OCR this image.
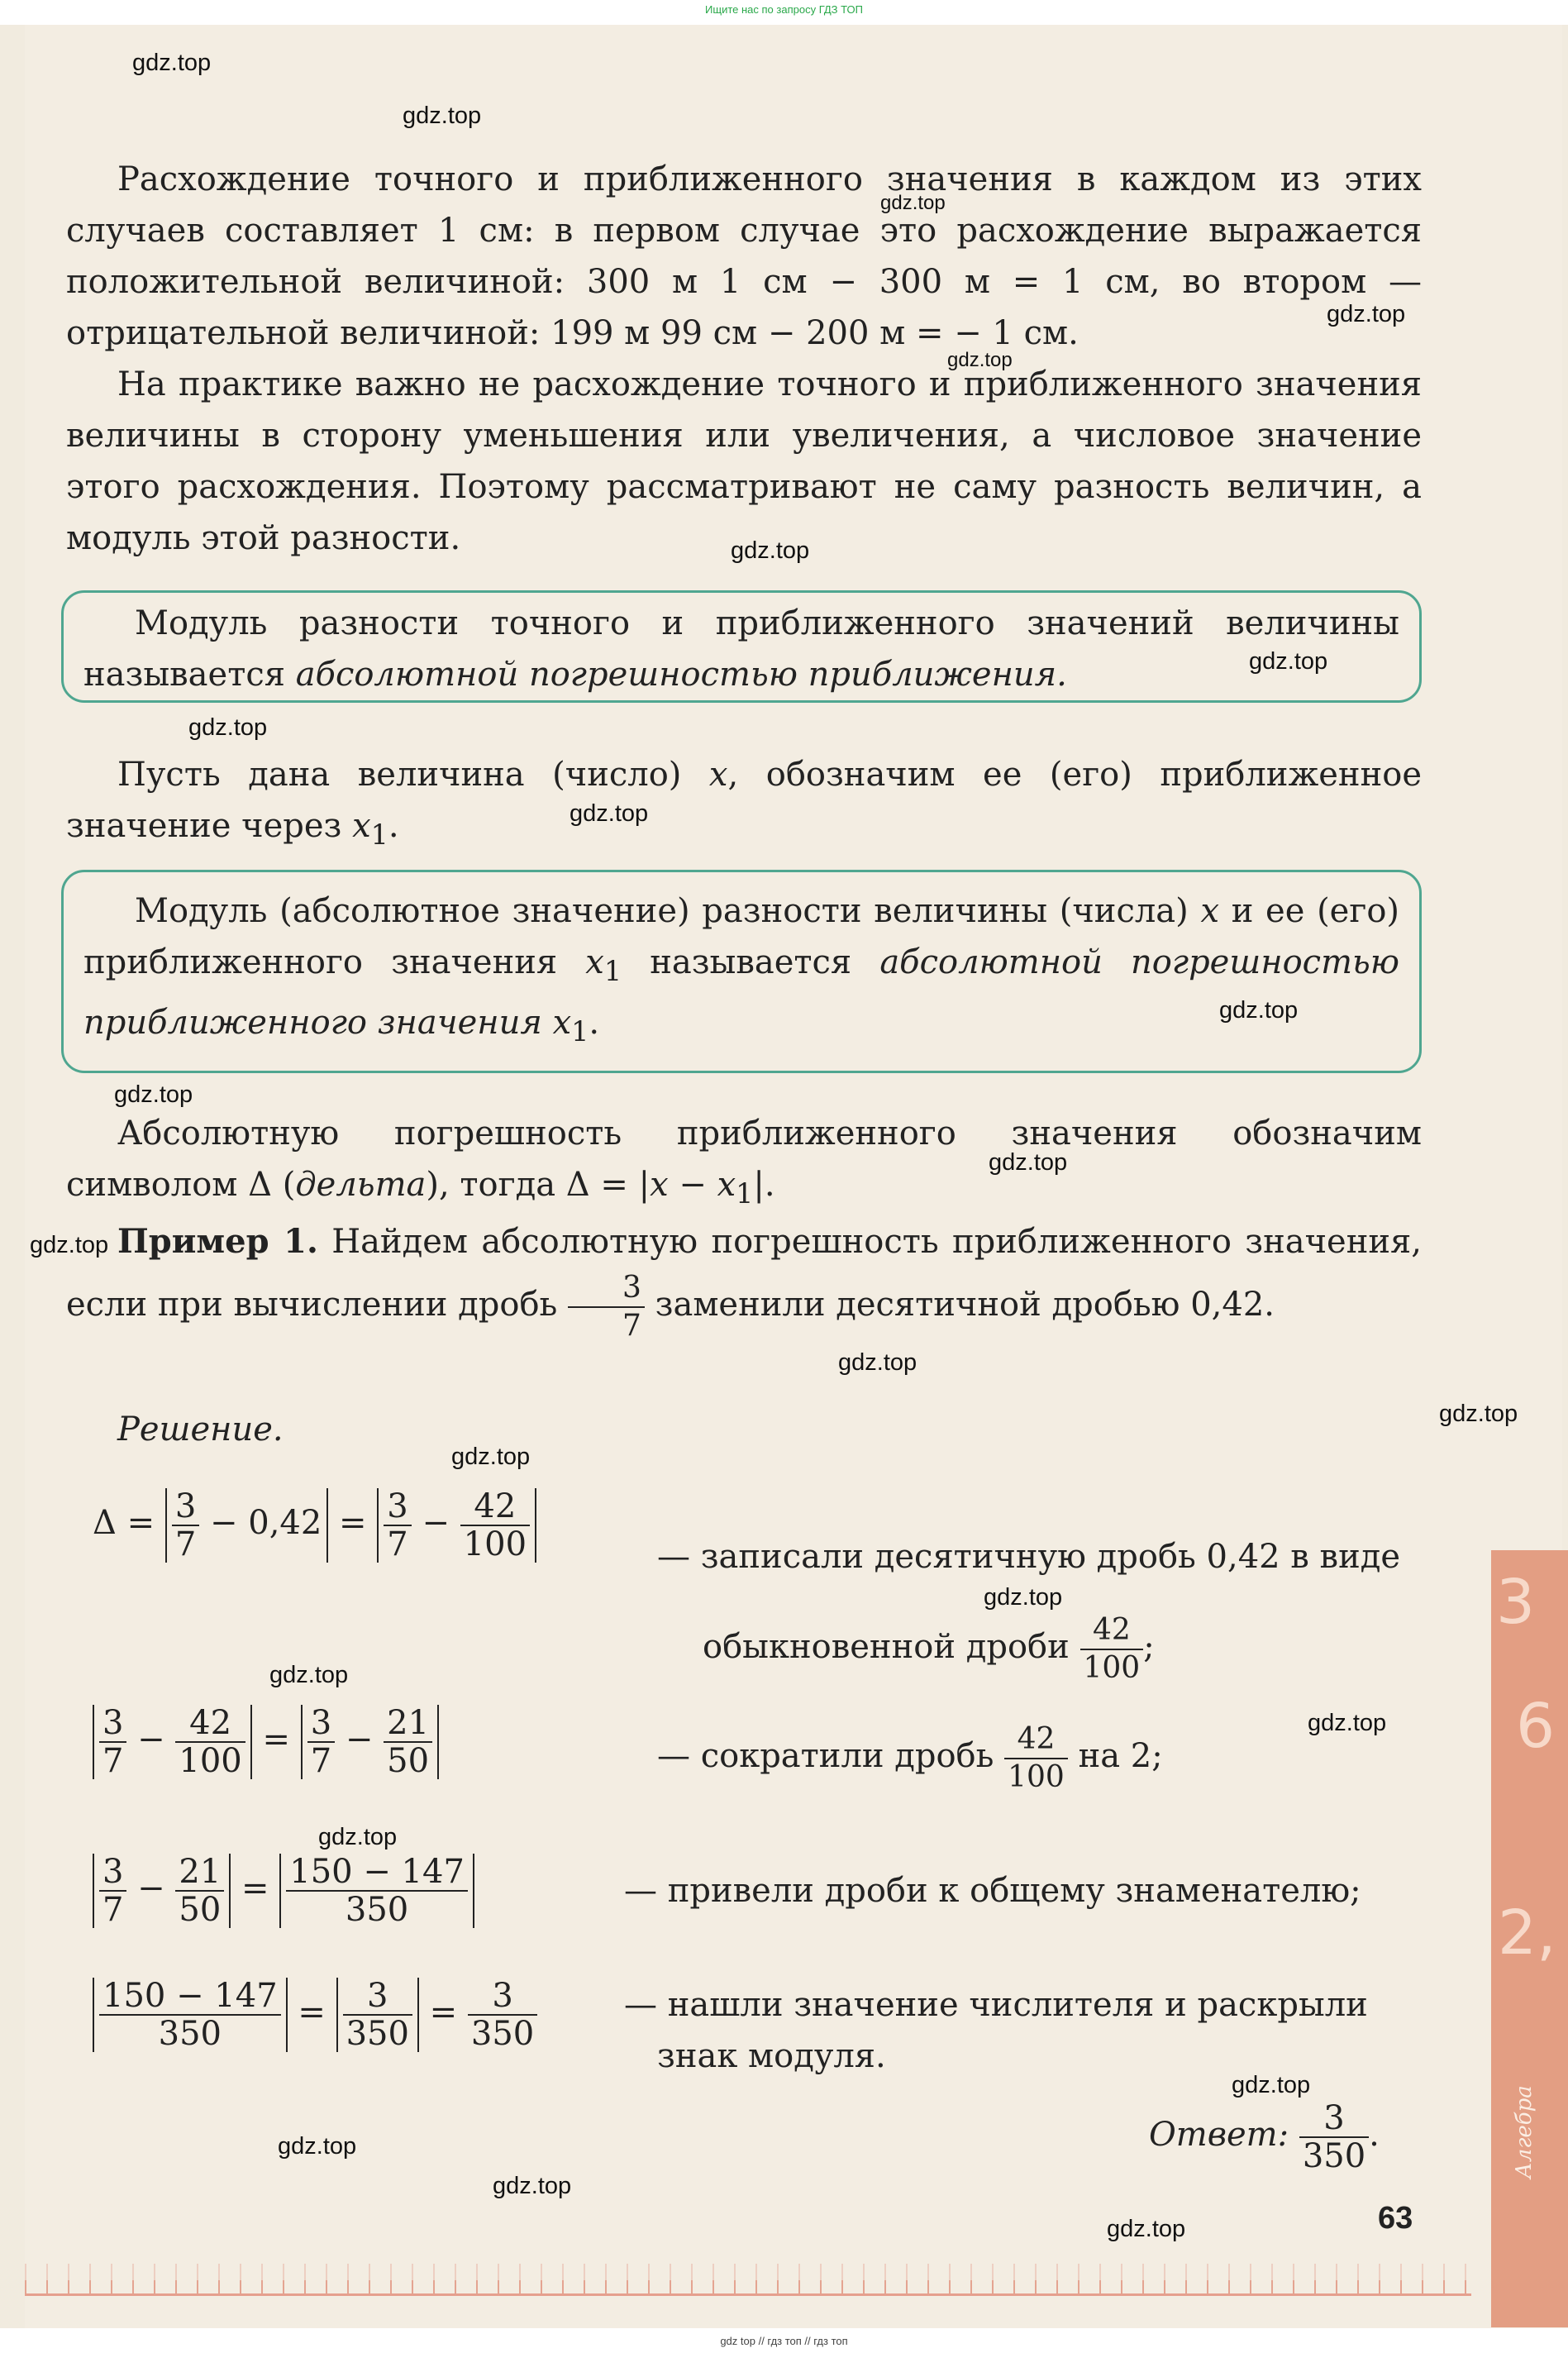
Ищите нас по запросу ГДЗ ТОП
3
6
2,
Алгебра

Расхождение точного и приближенного значения в каждом из этих случаев составляет 1 см: в первом случае это расхождение выражается положительной величиной: 300 м 1 см − 300 м = 1 см, во втором — отрицательной величиной: 199 м 99 см − 200 м = − 1 см.

На практике важно не расхождение точного и приближенного значения величины в сторону уменьшения или увеличения, а числовое значение этого расхождения. Поэтому рассматривают не саму разность величин, а модуль этой разности.

Модуль разности точного и приближенного значений величины называется абсолютной погрешностью приближения.

Пусть дана величина (число) x, обозначим ее (его) приближенное значение через $x_1$.

Модуль (абсолютное значение) разности величины (числа) x и ее (его) приближенного значения $x_1$ называется абсолютной погрешностью приближенного значения $x_1$.

Абсолютную погрешность приближенного значения обозначим символом Δ (дельта), тогда $\Delta = |x - x_1|$.

Пример 1. Найдем абсолютную погрешность приближенного значения, если при вычислении дробь $\frac{3}{7}$ заменили десятичной дробью 0,42.

Решение.

$\Delta = \frac{3}{7} - 0,42 = \frac{3}{7} - \frac{42}{100}$	— записали десятичную дробь 0,42 в виде
обыкновенной дроби $\frac{42}{100}$ ;
$\frac{3}{7} - \frac{42}{100} = \frac{3}{7} - \frac{21}{50}$	— сократили дробь $\frac{42}{100}$ на 2;
$\frac{3}{7} - \frac{21}{50} = \frac{150 - 147}{350}$	— привели дроби к общему знаменателю;
$\frac{150 - 147}{350} = \frac{3}{350} = \frac{3}{350}$	— нашли значение числителя и раскрыли
знак модуля.
Ответ: $\frac{3}{350}$ .
63
gdz.top
gdz.top
gdz.top
gdz.top
gdz.top
gdz.top
gdz.top
gdz.top
gdz.top
gdz.top
gdz.top
gdz.top
gdz.top
gdz.top
gdz.top
gdz.top
gdz.top
gdz.top
gdz.top
gdz.top
gdz.top
gdz.top
gdz.top
gdz.top
gdz top // гдз топ // гдз топ
